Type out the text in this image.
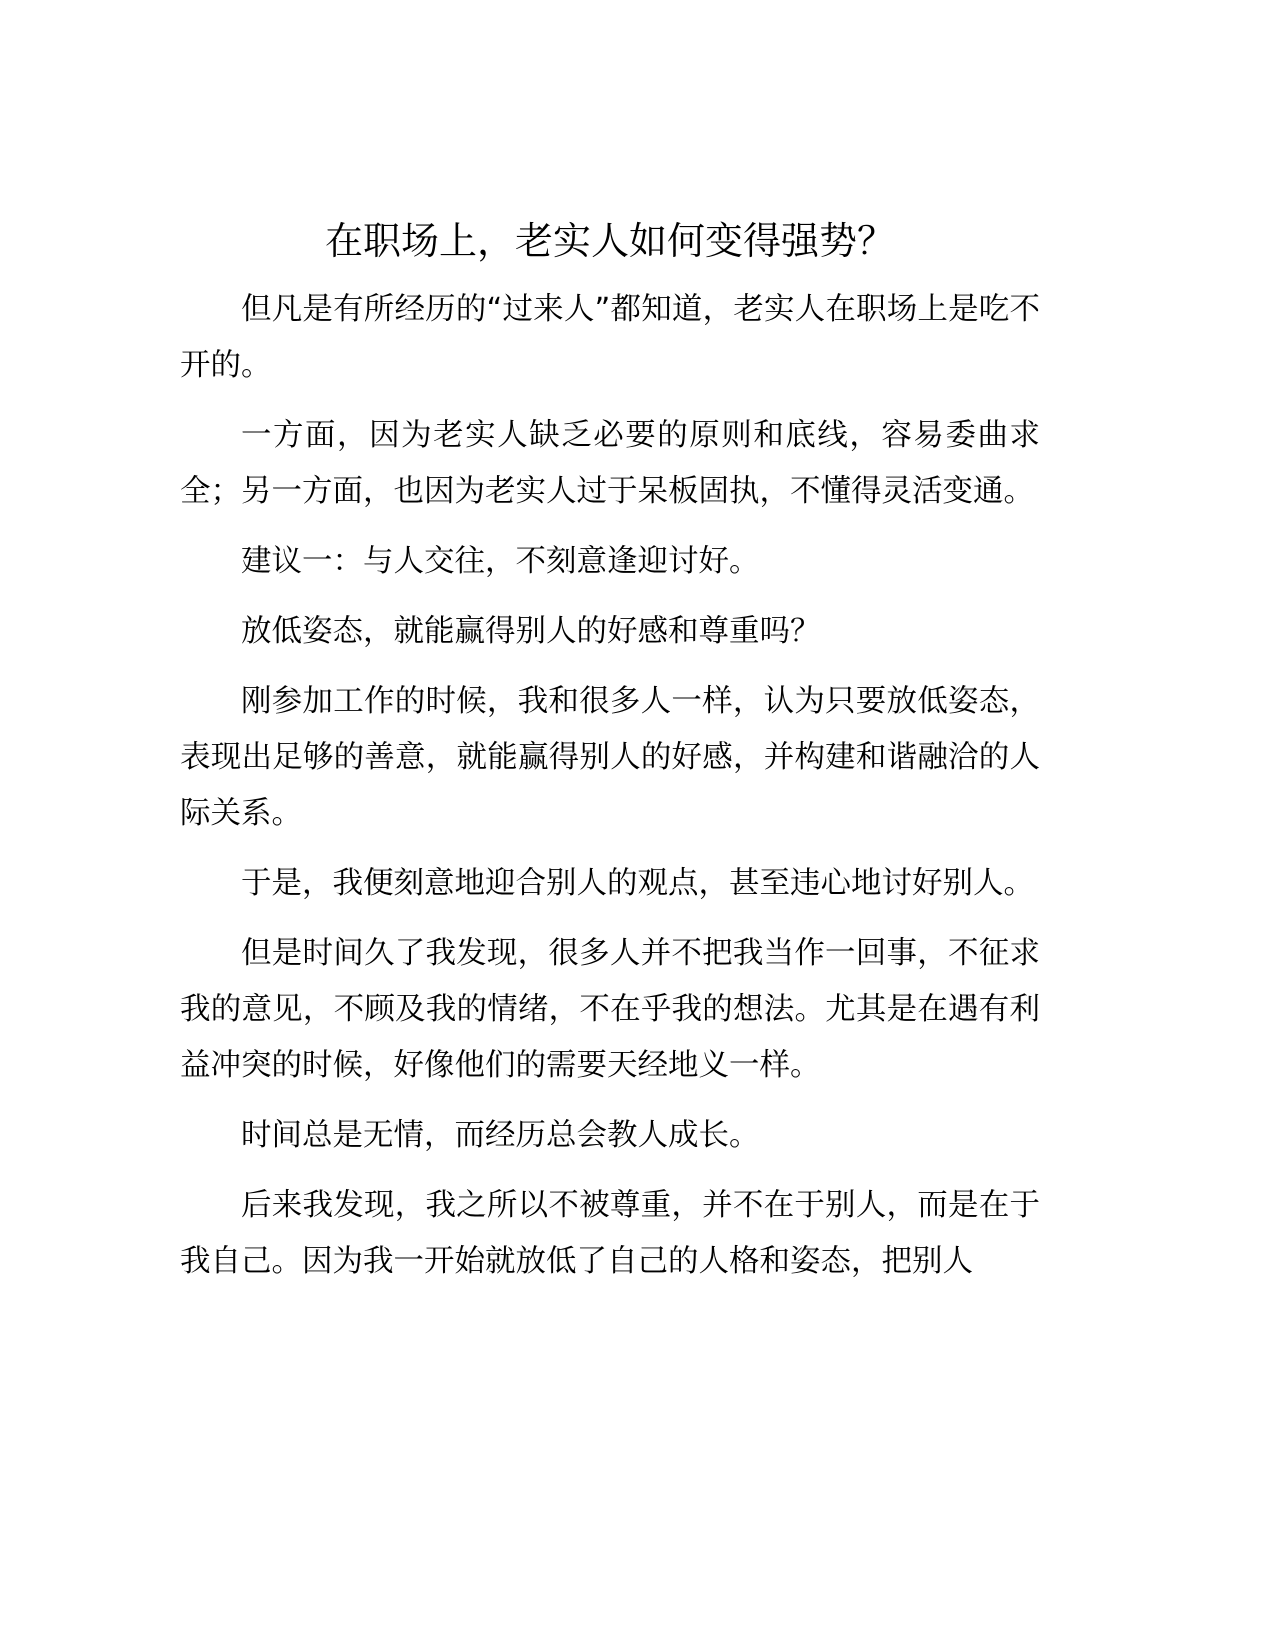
在职场上，老实人如何变得强势？

但凡是有所经历的“过来人”都知道，老实人在职场上是吃不开的。

一方面，因为老实人缺乏必要的原则和底线，容易委曲求全；另一方面，也因为老实人过于呆板固执，不懂得灵活变通。

建议一：与人交往，不刻意逢迎讨好。

放低姿态，就能赢得别人的好感和尊重吗？

刚参加工作的时候，我和很多人一样，认为只要放低姿态，表现出足够的善意，就能赢得别人的好感，并构建和谐融洽的人际关系。

于是，我便刻意地迎合别人的观点，甚至违心地讨好别人。

但是时间久了我发现，很多人并不把我当作一回事，不征求我的意见，不顾及我的情绪，不在乎我的想法。尤其是在遇有利益冲突的时候，好像他们的需要天经地义一样。

时间总是无情，而经历总会教人成长。

后来我发现，我之所以不被尊重，并不在于别人，而是在于我自己。因为我一开始就放低了自己的人格和姿态，把别人
